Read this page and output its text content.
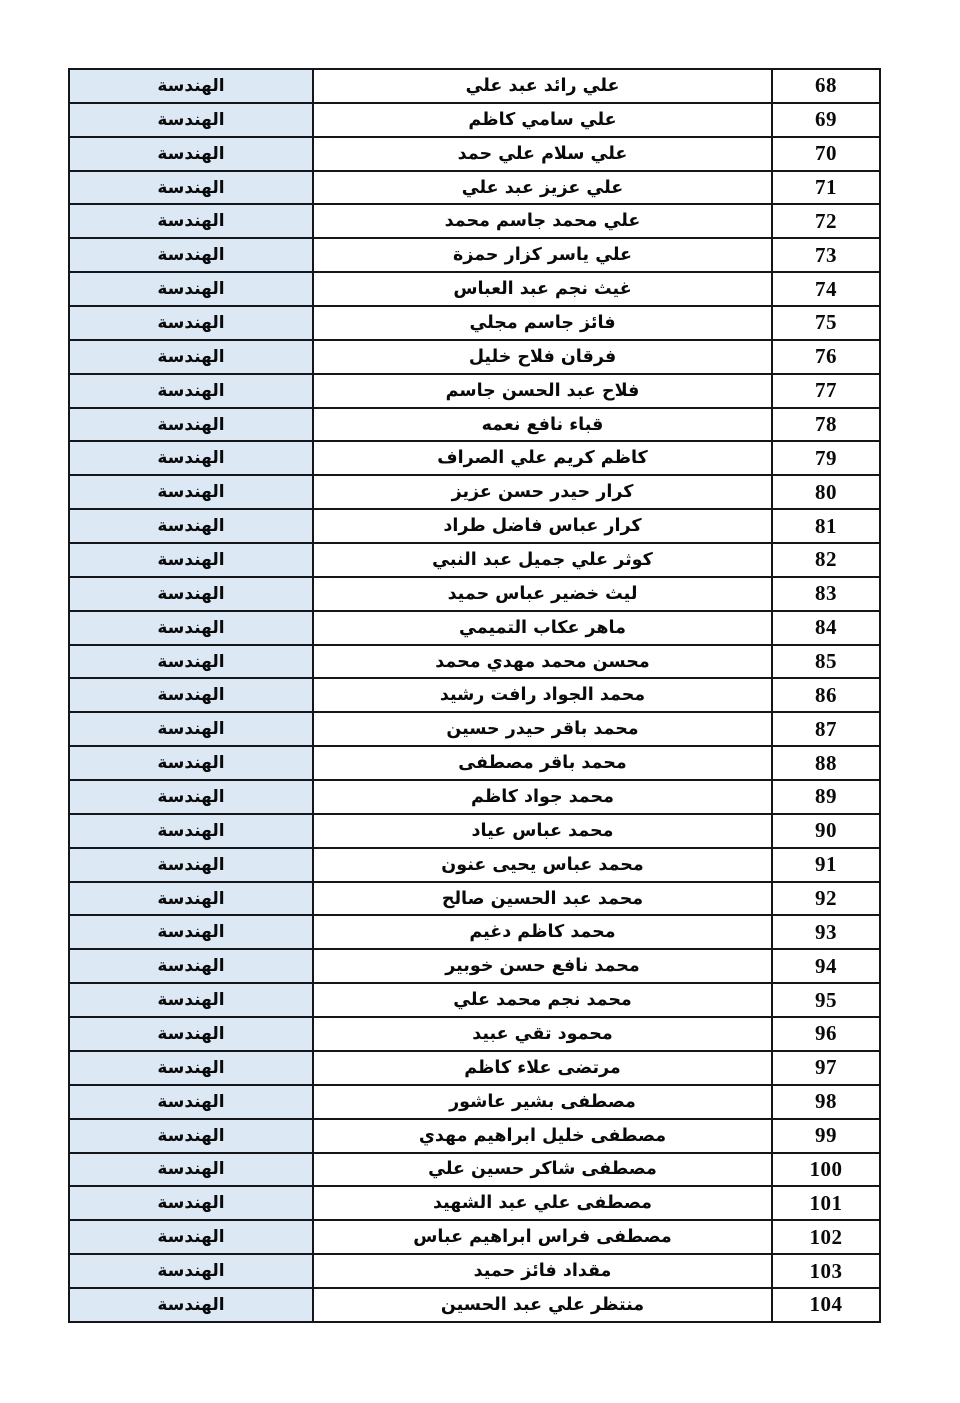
الهندسة	علي رائد عبد علي	68
الهندسة	علي سامي كاظم	69
الهندسة	علي سلام علي حمد	70
الهندسة	علي عزيز عبد علي	71
الهندسة	علي محمد جاسم محمد	72
الهندسة	علي ياسر كزار حمزة	73
الهندسة	غيث نجم عبد العباس	74
الهندسة	فائز جاسم مجلي	75
الهندسة	فرقان فلاح خليل	76
الهندسة	فلاح عبد الحسن جاسم	77
الهندسة	قباء نافع نعمه	78
الهندسة	كاظم كريم علي الصراف	79
الهندسة	كرار حيدر حسن عزيز	80
الهندسة	كرار عباس فاضل طراد	81
الهندسة	كوثر علي جميل عبد النبي	82
الهندسة	ليث خضير عباس حميد	83
الهندسة	ماهر عكاب التميمي	84
الهندسة	محسن محمد مهدي محمد	85
الهندسة	محمد الجواد رافت رشيد	86
الهندسة	محمد باقر حيدر حسين	87
الهندسة	محمد باقر مصطفى	88
الهندسة	محمد جواد كاظم	89
الهندسة	محمد عباس عياد	90
الهندسة	محمد عباس يحيى عنون	91
الهندسة	محمد عبد الحسين صالح	92
الهندسة	محمد كاظم دغيم	93
الهندسة	محمد نافع حسن خوبير	94
الهندسة	محمد نجم محمد علي	95
الهندسة	محمود تقي عبيد	96
الهندسة	مرتضى علاء كاظم	97
الهندسة	مصطفى بشير عاشور	98
الهندسة	مصطفى خليل ابراهيم مهدي	99
الهندسة	مصطفى شاكر حسين علي	100
الهندسة	مصطفى علي عبد الشهيد	101
الهندسة	مصطفى فراس ابراهيم عباس	102
الهندسة	مقداد فائز حميد	103
الهندسة	منتظر علي عبد الحسين	104
